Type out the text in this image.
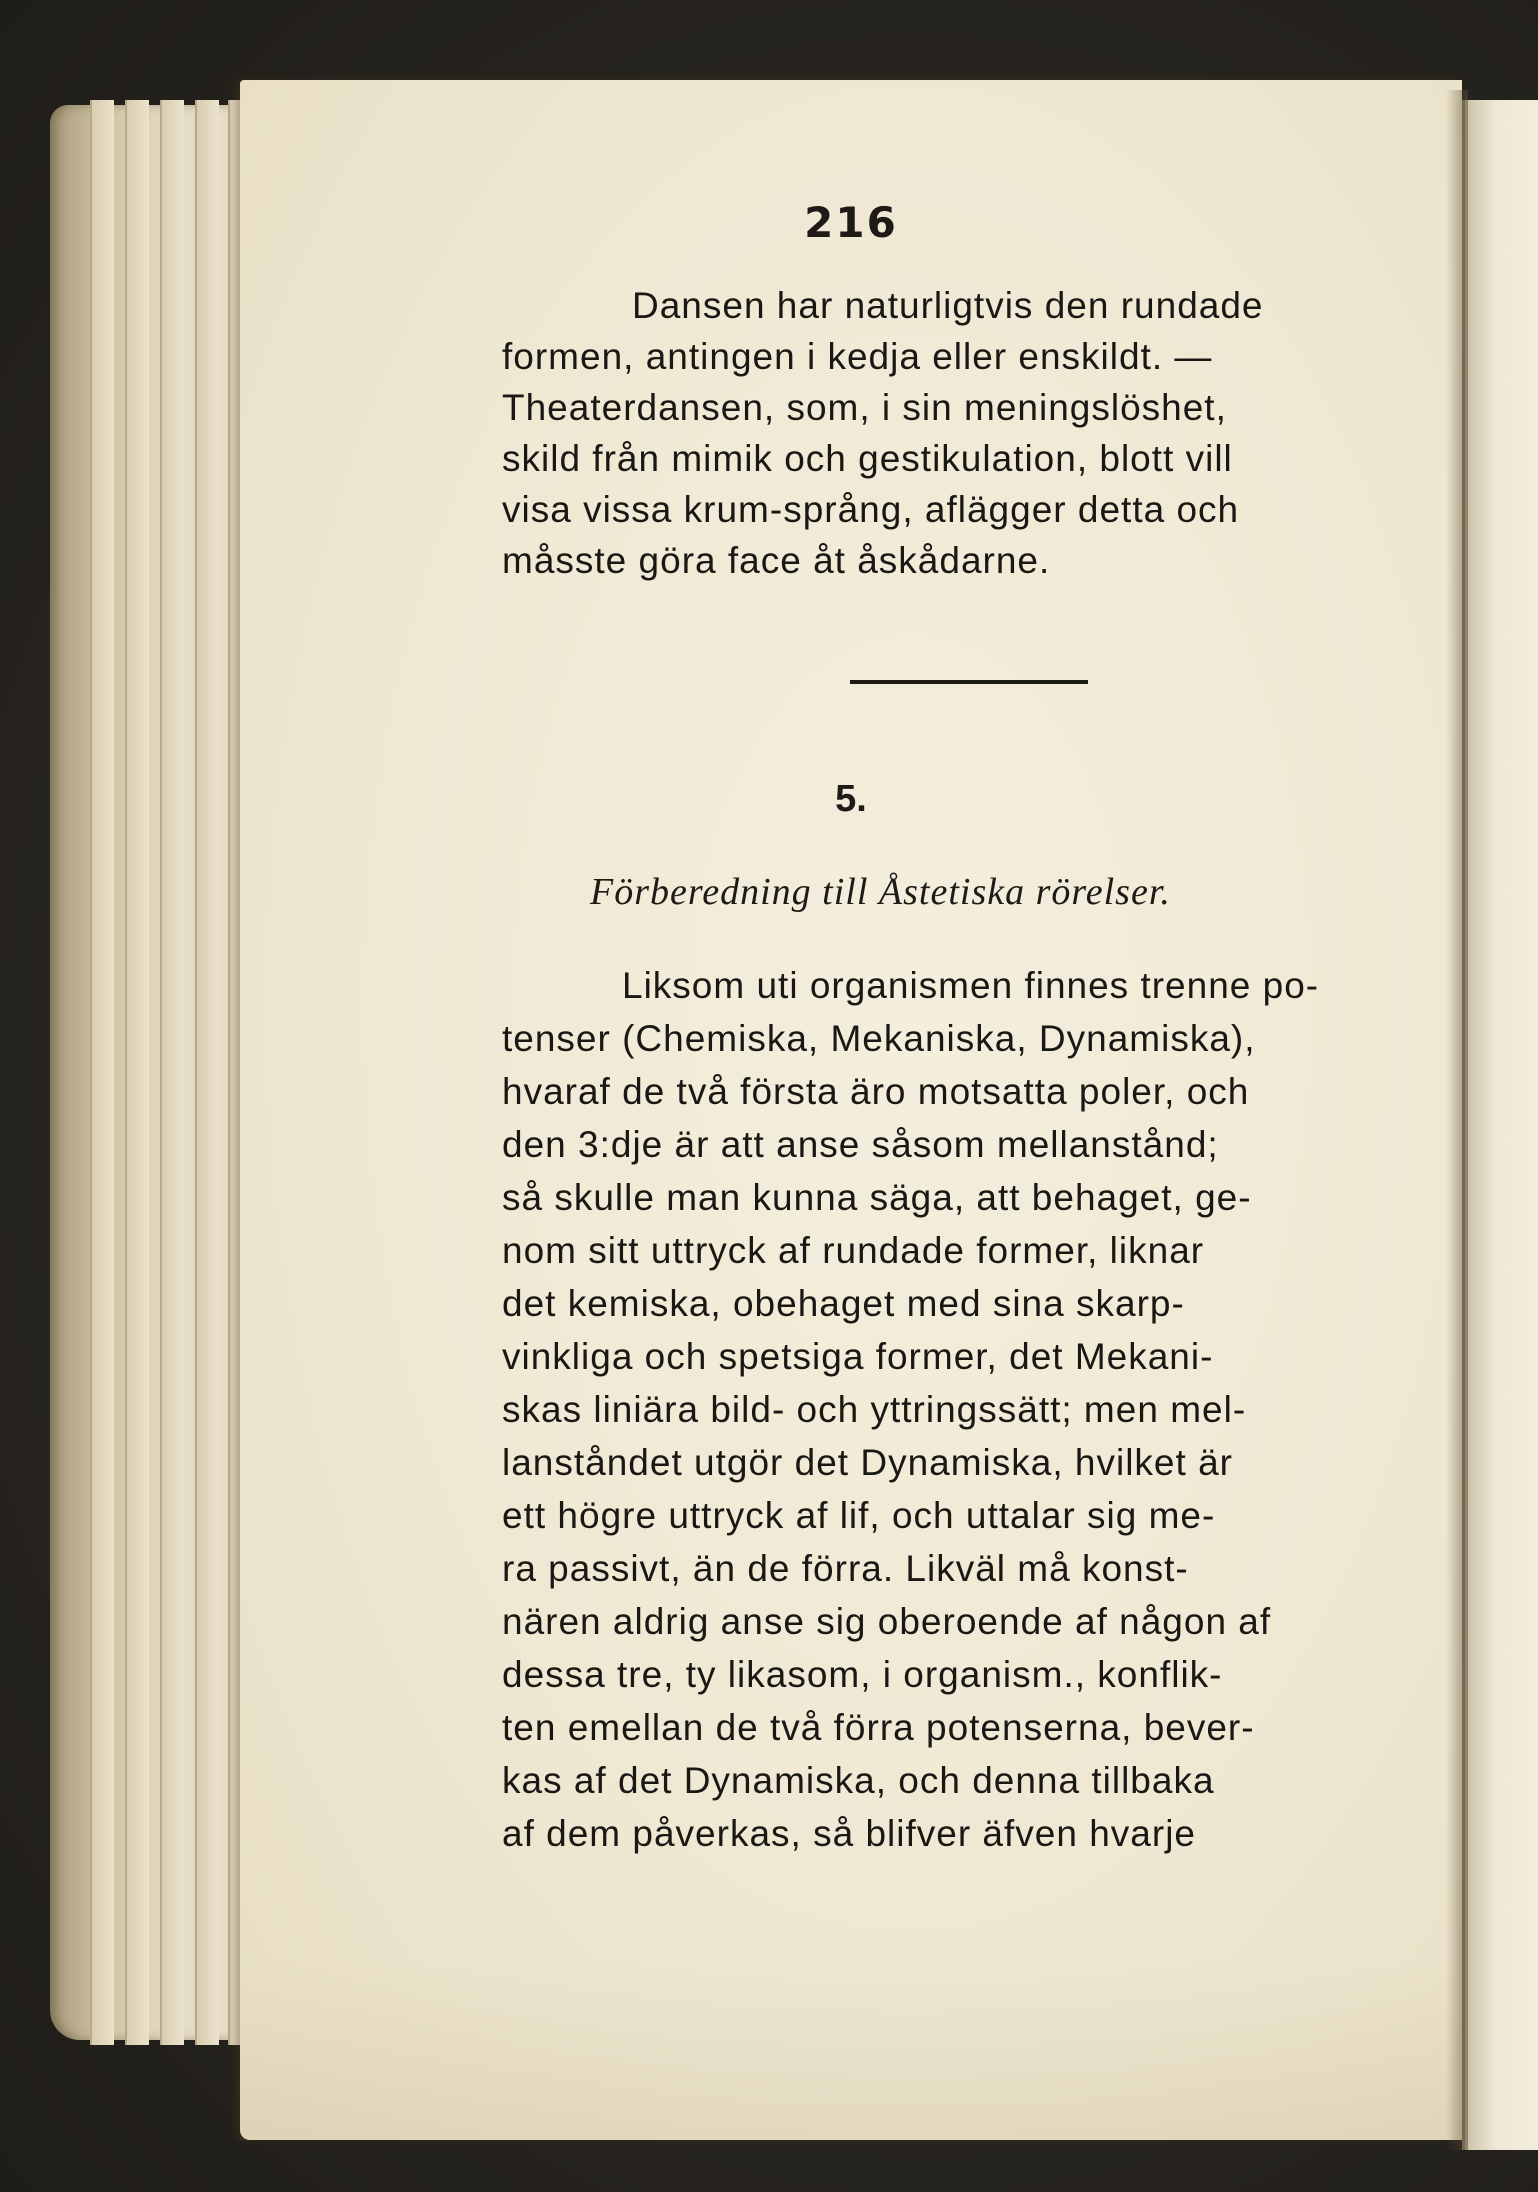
216
Dansen har naturligtvis den rundade
formen, antingen i kedja eller enskildt. —
Theaterdansen, som, i sin meningslöshet,
skild från mimik och gestikulation, blott vill
visa vissa krum-språng, aflägger detta och
måsste göra face åt åskådarne.
5.
Förberedning till Åstetiska rörelser.
Liksom uti organismen finnes trenne po-
tenser (Chemiska, Mekaniska, Dynamiska),
hvaraf de två första äro motsatta poler, och
den 3:dje är att anse såsom mellanstånd;
så skulle man kunna säga, att behaget, ge-
nom sitt uttryck af rundade former, liknar
det kemiska, obehaget med sina skarp-
vinkliga och spetsiga former, det Mekani-
skas liniära bild- och yttringssätt; men mel-
lanståndet utgör det Dynamiska, hvilket är
ett högre uttryck af lif, och uttalar sig me-
ra passivt, än de förra. Likväl må konst-
nären aldrig anse sig oberoende af någon af
dessa tre, ty likasom, i organism., konflik-
ten emellan de två förra potenserna, bever-
kas af det Dynamiska, och denna tillbaka
af dem påverkas, så blifver äfven hvarje
